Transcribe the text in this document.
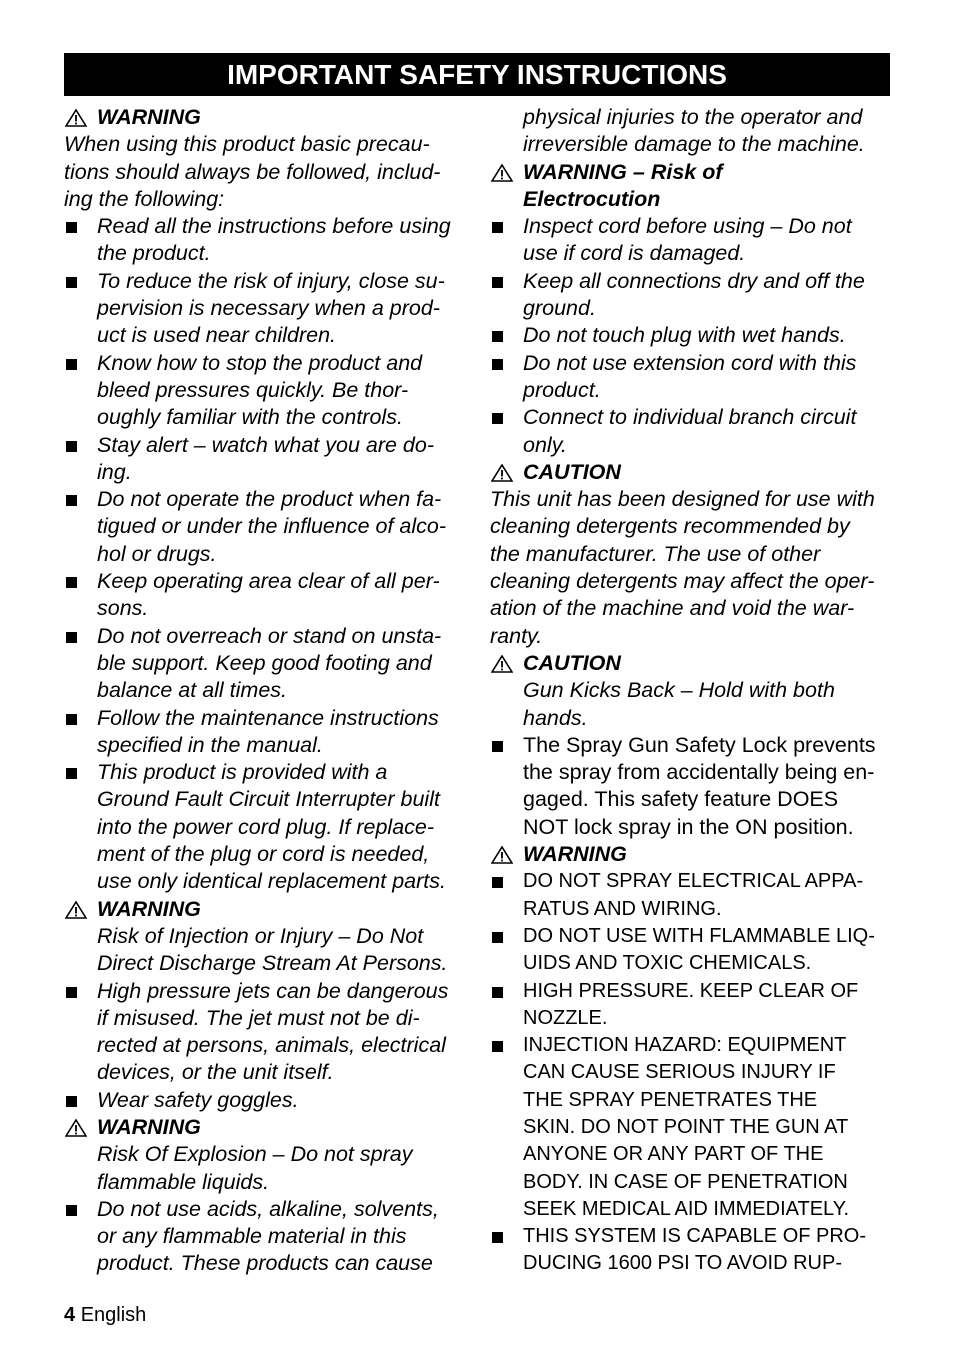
IMPORTANT SAFETY INSTRUCTIONS
WARNING
When using this product basic precau-
tions should always be followed, includ-
ing the following:
Read all the instructions before using
the product.
To reduce the risk of injury, close su-
pervision is necessary when a prod-
uct is used near children.
Know how to stop the product and
bleed pressures quickly. Be thor-
oughly familiar with the controls.
Stay alert – watch what you are do-
ing.
Do not operate the product when fa-
tigued or under the influence of alco-
hol or drugs.
Keep operating area clear of all per-
sons.
Do not overreach or stand on unsta-
ble support. Keep good footing and
balance at all times.
Follow the maintenance instructions
specified in the manual.
This product is provided with a
Ground Fault Circuit Interrupter built
into the power cord plug. If replace-
ment of the plug or cord is needed,
use only identical replacement parts.
WARNING
Risk of Injection or Injury – Do Not
Direct Discharge Stream At Persons.
High pressure jets can be dangerous
if misused. The jet must not be di-
rected at persons, animals, electrical
devices, or the unit itself.
Wear safety goggles.
WARNING
Risk Of Explosion – Do not spray
flammable liquids.
Do not use acids, alkaline, solvents,
or any flammable material in this
product. These products can cause
physical injuries to the operator and
irreversible damage to the machine.
WARNING – Risk of
Electrocution
Inspect cord before using – Do not
use if cord is damaged.
Keep all connections dry and off the
ground.
Do not touch plug with wet hands.
Do not use extension cord with this
product.
Connect to individual branch circuit
only.
CAUTION
This unit has been designed for use with
cleaning detergents recommended by
the manufacturer. The use of other
cleaning detergents may affect the oper-
ation of the machine and void the war-
ranty.
CAUTION
Gun Kicks Back – Hold with both
hands.
The Spray Gun Safety Lock prevents
the spray from accidentally being en-
gaged. This safety feature DOES
NOT lock spray in the ON position.
WARNING
DO NOT SPRAY ELECTRICAL APPA-
RATUS AND WIRING.
DO NOT USE WITH FLAMMABLE LIQ-
UIDS AND TOXIC CHEMICALS.
HIGH PRESSURE. KEEP CLEAR OF
NOZZLE.
INJECTION HAZARD: EQUIPMENT
CAN CAUSE SERIOUS INJURY IF
THE SPRAY PENETRATES THE
SKIN. DO NOT POINT THE GUN AT
ANYONE OR ANY PART OF THE
BODY. IN CASE OF PENETRATION
SEEK MEDICAL AID IMMEDIATELY.
THIS SYSTEM IS CAPABLE OF PRO-
DUCING 1600 PSI TO AVOID RUP-
4 English
